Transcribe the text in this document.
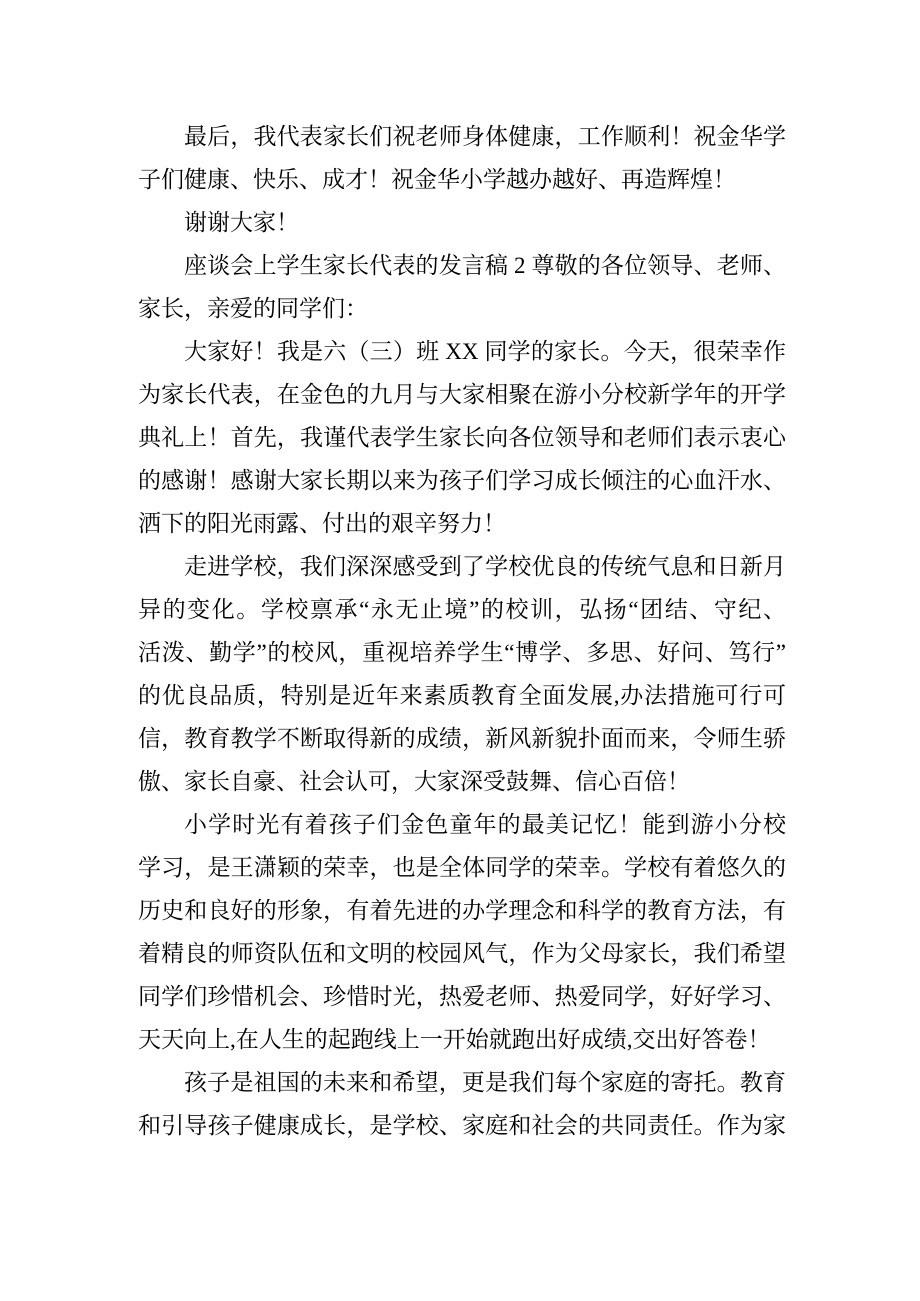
最后，我代表家长们祝老师身体健康，工作顺利！祝金华学
子们健康、快乐、成才！祝金华小学越办越好、再造辉煌！
谢谢大家！
座谈会上学生家长代表的发言稿 2 尊敬的各位领导、老师、
家长，亲爱的同学们：
大家好！我是六（三）班 XX 同学的家长。今天，很荣幸作
为家长代表，在金色的九月与大家相聚在游小分校新学年的开学
典礼上！首先，我谨代表学生家长向各位领导和老师们表示衷心
的感谢！感谢大家长期以来为孩子们学习成长倾注的心血汗水、
洒下的阳光雨露、付出的艰辛努力！
走进学校，我们深深感受到了学校优良的传统气息和日新月
异的变化。学校禀承“永无止境”的校训，弘扬“团结、守纪、
活泼、勤学”的校风，重视培养学生“博学、多思、好问、笃行”
的优良品质，特别是近年来素质教育全面发展,办法措施可行可
信，教育教学不断取得新的成绩，新风新貌扑面而来，令师生骄
傲、家长自豪、社会认可，大家深受鼓舞、信心百倍！
小学时光有着孩子们金色童年的最美记忆！能到游小分校
学习，是王潇颖的荣幸，也是全体同学的荣幸。学校有着悠久的
历史和良好的形象，有着先进的办学理念和科学的教育方法，有
着精良的师资队伍和文明的校园风气，作为父母家长，我们希望
同学们珍惜机会、珍惜时光，热爱老师、热爱同学，好好学习、
天天向上,在人生的起跑线上一开始就跑出好成绩,交出好答卷！
孩子是祖国的未来和希望，更是我们每个家庭的寄托。教育
和引导孩子健康成长，是学校、家庭和社会的共同责任。作为家
